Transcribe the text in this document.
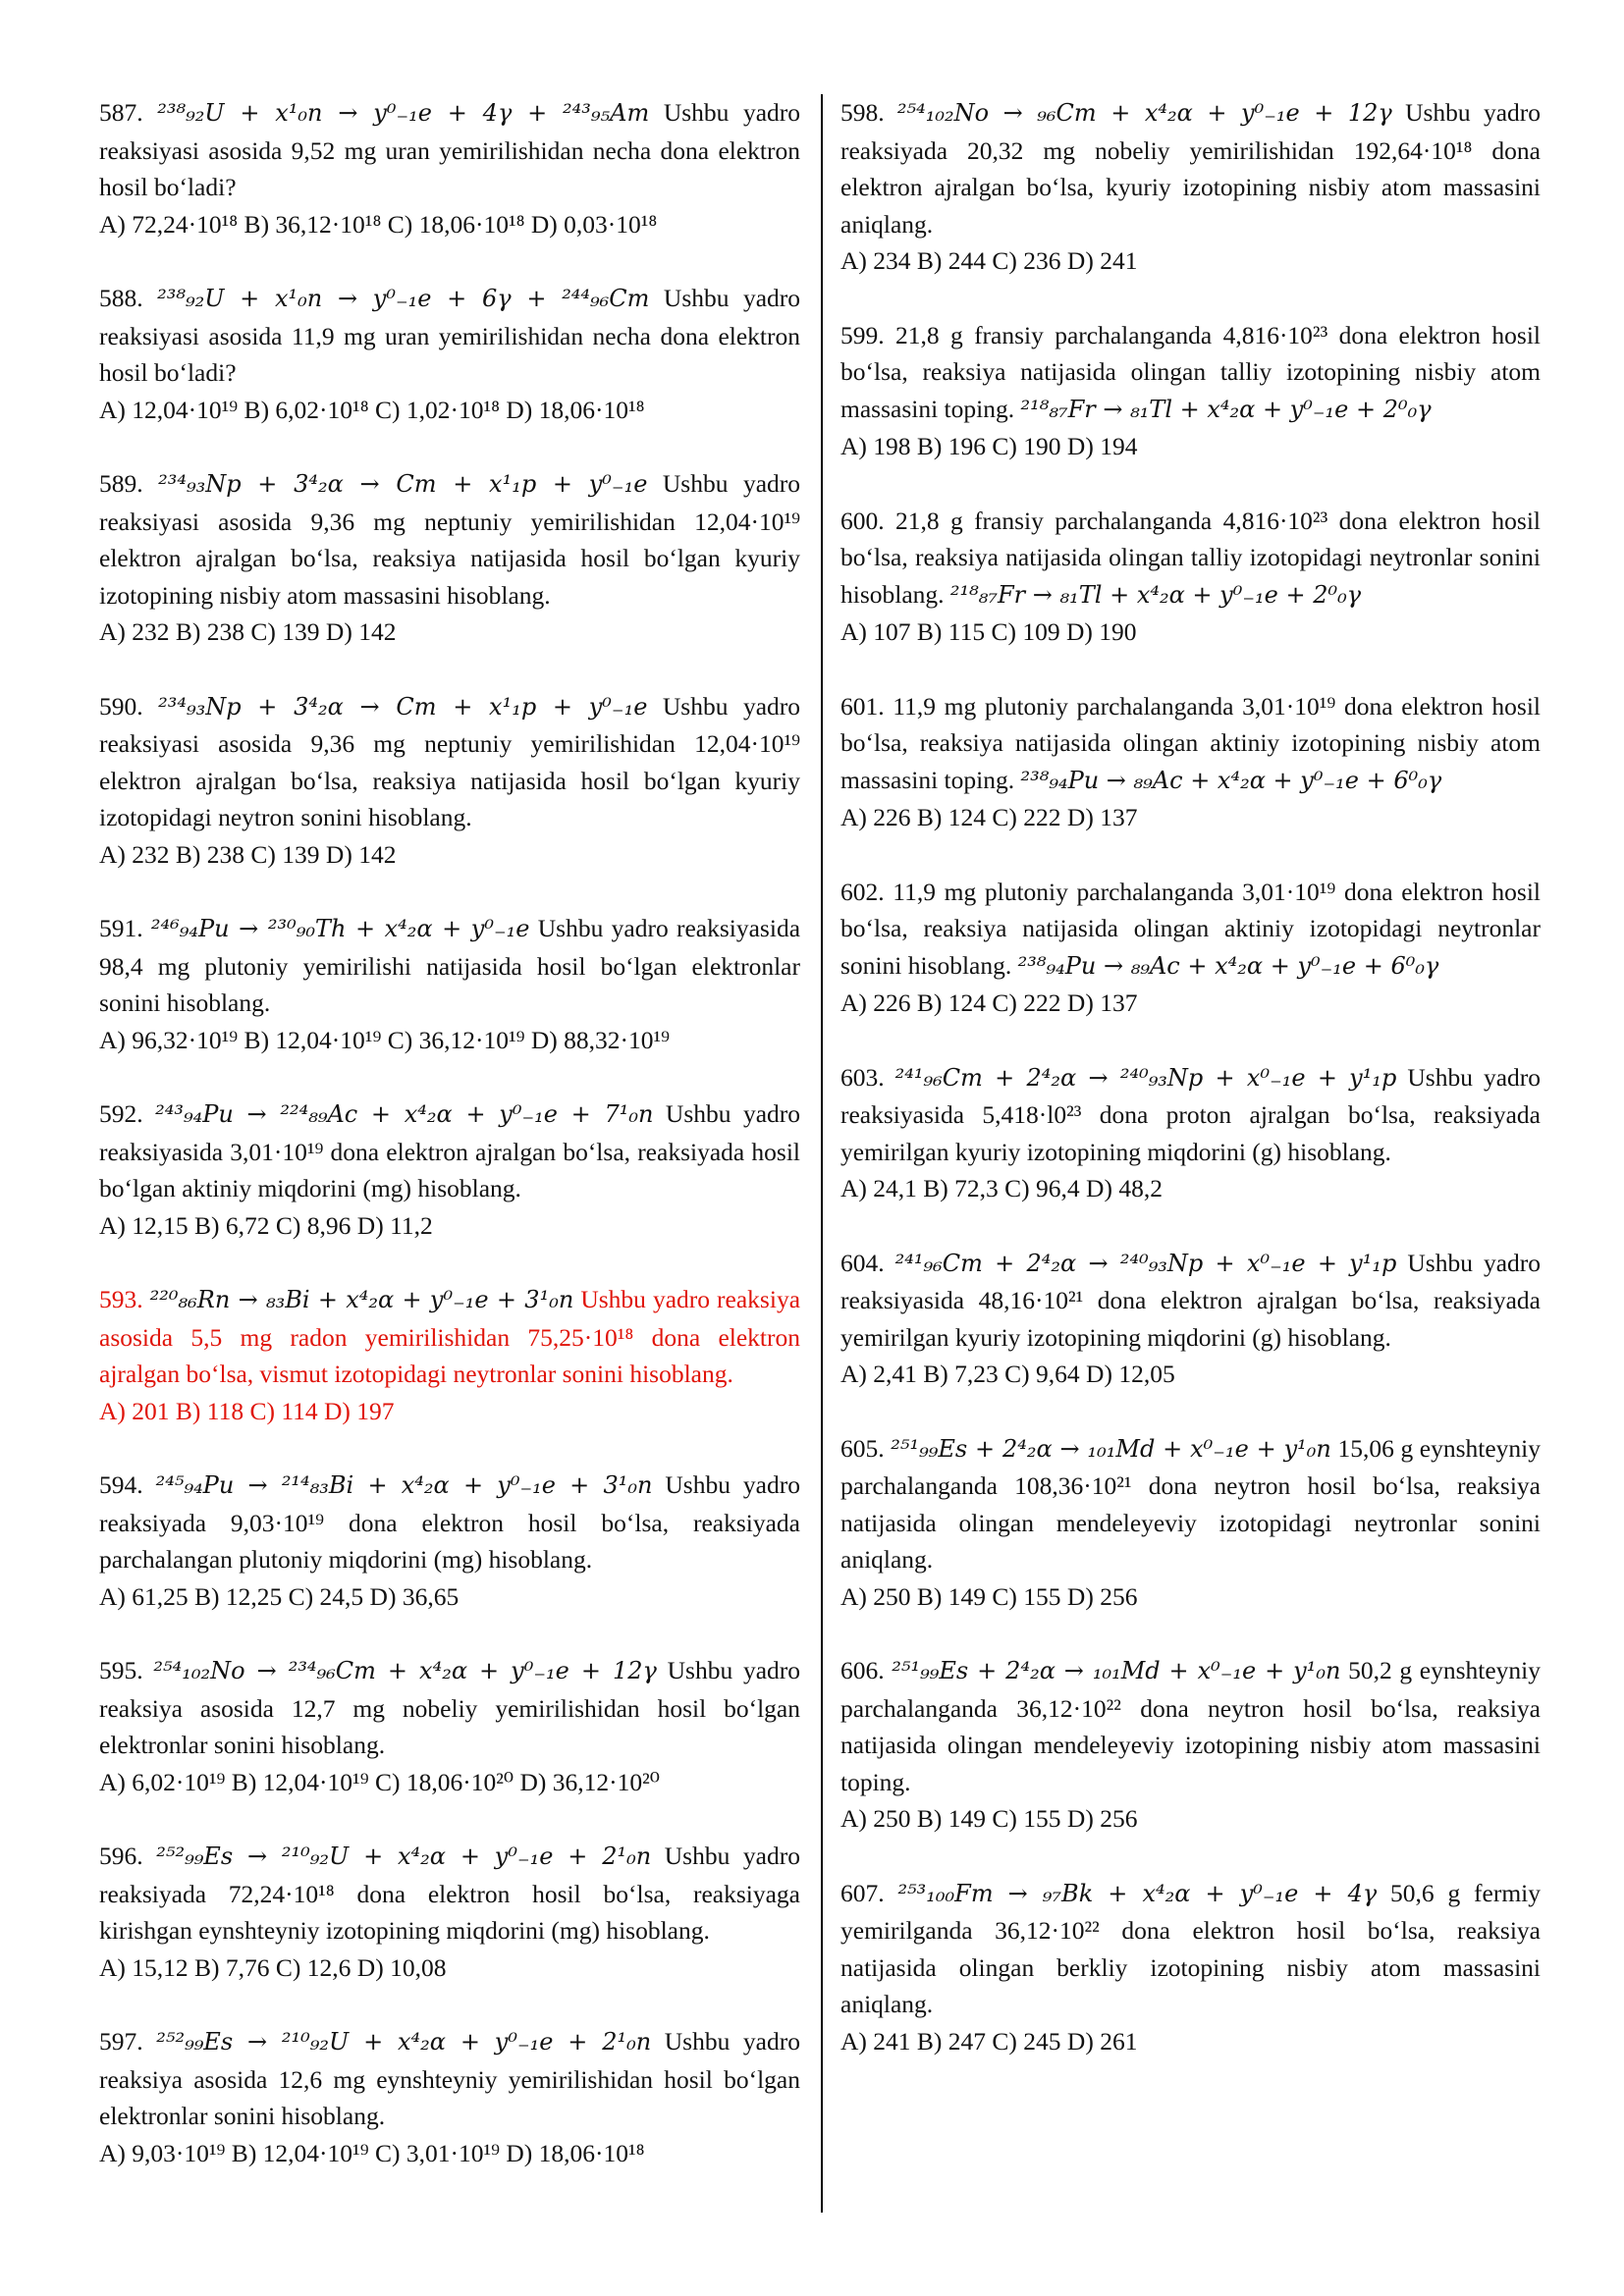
587. ²³⁸₉₂U + x¹₀n → y⁰₋₁e + 4γ + ²⁴³₉₅Am Ushbu yadro reaksiyasi asosida 9,52 mg uran yemirilishidan necha dona elektron hosil bo‘ladi?
A) 72,24·10¹⁸ B) 36,12·10¹⁸ C) 18,06·10¹⁸ D) 0,03·10¹⁸
588. ²³⁸₉₂U + x¹₀n → y⁰₋₁e + 6γ + ²⁴⁴₉₆Cm Ushbu yadro reaksiyasi asosida 11,9 mg uran yemirilishidan necha dona elektron hosil bo‘ladi?
A) 12,04·10¹⁹ B) 6,02·10¹⁸ C) 1,02·10¹⁸ D) 18,06·10¹⁸
589. ²³⁴₉₃Np + 3⁴₂α → Cm + x¹₁p + y⁰₋₁e Ushbu yadro reaksiyasi asosida 9,36 mg neptuniy yemirilishidan 12,04·10¹⁹ elektron ajralgan bo‘lsa, reaksiya natijasida hosil bo‘lgan kyuriy izotopining nisbiy atom massasini hisoblang.
A) 232 B) 238 C) 139 D) 142
590. ²³⁴₉₃Np + 3⁴₂α → Cm + x¹₁p + y⁰₋₁e Ushbu yadro reaksiyasi asosida 9,36 mg neptuniy yemirilishidan 12,04·10¹⁹ elektron ajralgan bo‘lsa, reaksiya natijasida hosil bo‘lgan kyuriy izotopidagi neytron sonini hisoblang.
A) 232 B) 238 C) 139 D) 142
591. ²⁴⁶₉₄Pu → ²³⁰₉₀Th + x⁴₂α + y⁰₋₁e Ushbu yadro reaksiyasida 98,4 mg plutoniy yemirilishi natijasida hosil bo‘lgan elektronlar sonini hisoblang.
A) 96,32·10¹⁹ B) 12,04·10¹⁹ C) 36,12·10¹⁹ D) 88,32·10¹⁹
592. ²⁴³₉₄Pu → ²²⁴₈₉Ac + x⁴₂α + y⁰₋₁e + 7¹₀n Ushbu yadro reaksiyasida 3,01·10¹⁹ dona elektron ajralgan bo‘lsa, reaksiyada hosil bo‘lgan aktiniy miqdorini (mg) hisoblang.
A) 12,15 B) 6,72 C) 8,96 D) 11,2
593. ²²⁰₈₆Rn → ₈₃Bi + x⁴₂α + y⁰₋₁e + 3¹₀n Ushbu yadro reaksiya asosida 5,5 mg radon yemirilishidan 75,25·10¹⁸ dona elektron ajralgan bo‘lsa, vismut izotopidagi neytronlar sonini hisoblang.
A) 201 B) 118 C) 114 D) 197
594. ²⁴⁵₉₄Pu → ²¹⁴₈₃Bi + x⁴₂α + y⁰₋₁e + 3¹₀n Ushbu yadro reaksiyada 9,03·10¹⁹ dona elektron hosil bo‘lsa, reaksiyada parchalangan plutoniy miqdorini (mg) hisoblang.
A) 61,25 B) 12,25 C) 24,5 D) 36,65
595. ²⁵⁴₁₀₂No → ²³⁴₉₆Cm + x⁴₂α + y⁰₋₁e + 12γ Ushbu yadro reaksiya asosida 12,7 mg nobeliy yemirilishidan hosil bo‘lgan elektronlar sonini hisoblang.
A) 6,02·10¹⁹ B) 12,04·10¹⁹ C) 18,06·10²⁰ D) 36,12·10²⁰
596. ²⁵²₉₉Es → ²¹⁰₉₂U + x⁴₂α + y⁰₋₁e + 2¹₀n Ushbu yadro reaksiyada 72,24·10¹⁸ dona elektron hosil bo‘lsa, reaksiyaga kirishgan eynshteyniy izotopining miqdorini (mg) hisoblang.
A) 15,12 B) 7,76 C) 12,6 D) 10,08
597. ²⁵²₉₉Es → ²¹⁰₉₂U + x⁴₂α + y⁰₋₁e + 2¹₀n Ushbu yadro reaksiya asosida 12,6 mg eynshteyniy yemirilishidan hosil bo‘lgan elektronlar sonini hisoblang.
A) 9,03·10¹⁹ B) 12,04·10¹⁹ C) 3,01·10¹⁹ D) 18,06·10¹⁸
598. ²⁵⁴₁₀₂No → ₉₆Cm + x⁴₂α + y⁰₋₁e + 12γ Ushbu yadro reaksiyada 20,32 mg nobeliy yemirilishidan 192,64·10¹⁸ dona elektron ajralgan bo‘lsa, kyuriy izotopining nisbiy atom massasini aniqlang.
A) 234 B) 244 C) 236 D) 241
599. 21,8 g fransiy parchalanganda 4,816·10²³ dona elektron hosil bo‘lsa, reaksiya natijasida olingan talliy izotopining nisbiy atom massasini toping. ²¹⁸₈₇Fr → ₈₁Tl + x⁴₂α + y⁰₋₁e + 2⁰₀γ
A) 198 B) 196 C) 190 D) 194
600. 21,8 g fransiy parchalanganda 4,816·10²³ dona elektron hosil bo‘lsa, reaksiya natijasida olingan talliy izotopidagi neytronlar sonini hisoblang. ²¹⁸₈₇Fr → ₈₁Tl + x⁴₂α + y⁰₋₁e + 2⁰₀γ
A) 107 B) 115 C) 109 D) 190
601. 11,9 mg plutoniy parchalanganda 3,01·10¹⁹ dona elektron hosil bo‘lsa, reaksiya natijasida olingan aktiniy izotopining nisbiy atom massasini toping. ²³⁸₉₄Pu → ₈₉Ac + x⁴₂α + y⁰₋₁e + 6⁰₀γ
A) 226 B) 124 C) 222 D) 137
602. 11,9 mg plutoniy parchalanganda 3,01·10¹⁹ dona elektron hosil bo‘lsa, reaksiya natijasida olingan aktiniy izotopidagi neytronlar sonini hisoblang. ²³⁸₉₄Pu → ₈₉Ac + x⁴₂α + y⁰₋₁e + 6⁰₀γ
A) 226 B) 124 C) 222 D) 137
603. ²⁴¹₉₆Cm + 2⁴₂α → ²⁴⁰₉₃Np + x⁰₋₁e + y¹₁p Ushbu yadro reaksiyasida 5,418·l0²³ dona proton ajralgan bo‘lsa, reaksiyada yemirilgan kyuriy izotopining miqdorini (g) hisoblang.
A) 24,1 B) 72,3 C) 96,4 D) 48,2
604. ²⁴¹₉₆Cm + 2⁴₂α → ²⁴⁰₉₃Np + x⁰₋₁e + y¹₁p Ushbu yadro reaksiyasida 48,16·10²¹ dona elektron ajralgan bo‘lsa, reaksiyada yemirilgan kyuriy izotopining miqdorini (g) hisoblang.
A) 2,41 B) 7,23 C) 9,64 D) 12,05
605. ²⁵¹₉₉Es + 2⁴₂α → ₁₀₁Md + x⁰₋₁e + y¹₀n 15,06 g eynshteyniy parchalanganda 108,36·10²¹ dona neytron hosil bo‘lsa, reaksiya natijasida olingan mendeleyeviy izotopidagi neytronlar sonini aniqlang.
A) 250 B) 149 C) 155 D) 256
606. ²⁵¹₉₉Es + 2⁴₂α → ₁₀₁Md + x⁰₋₁e + y¹₀n 50,2 g eynshteyniy parchalanganda 36,12·10²² dona neytron hosil bo‘lsa, reaksiya natijasida olingan mendeleyeviy izotopining nisbiy atom massasini toping.
A) 250 B) 149 C) 155 D) 256
607. ²⁵³₁₀₀Fm → ₉₇Bk + x⁴₂α + y⁰₋₁e + 4γ 50,6 g fermiy yemirilganda 36,12·10²² dona elektron hosil bo‘lsa, reaksiya natijasida olingan berkliy izotopining nisbiy atom massasini aniqlang.
A) 241 B) 247 C) 245 D) 261
